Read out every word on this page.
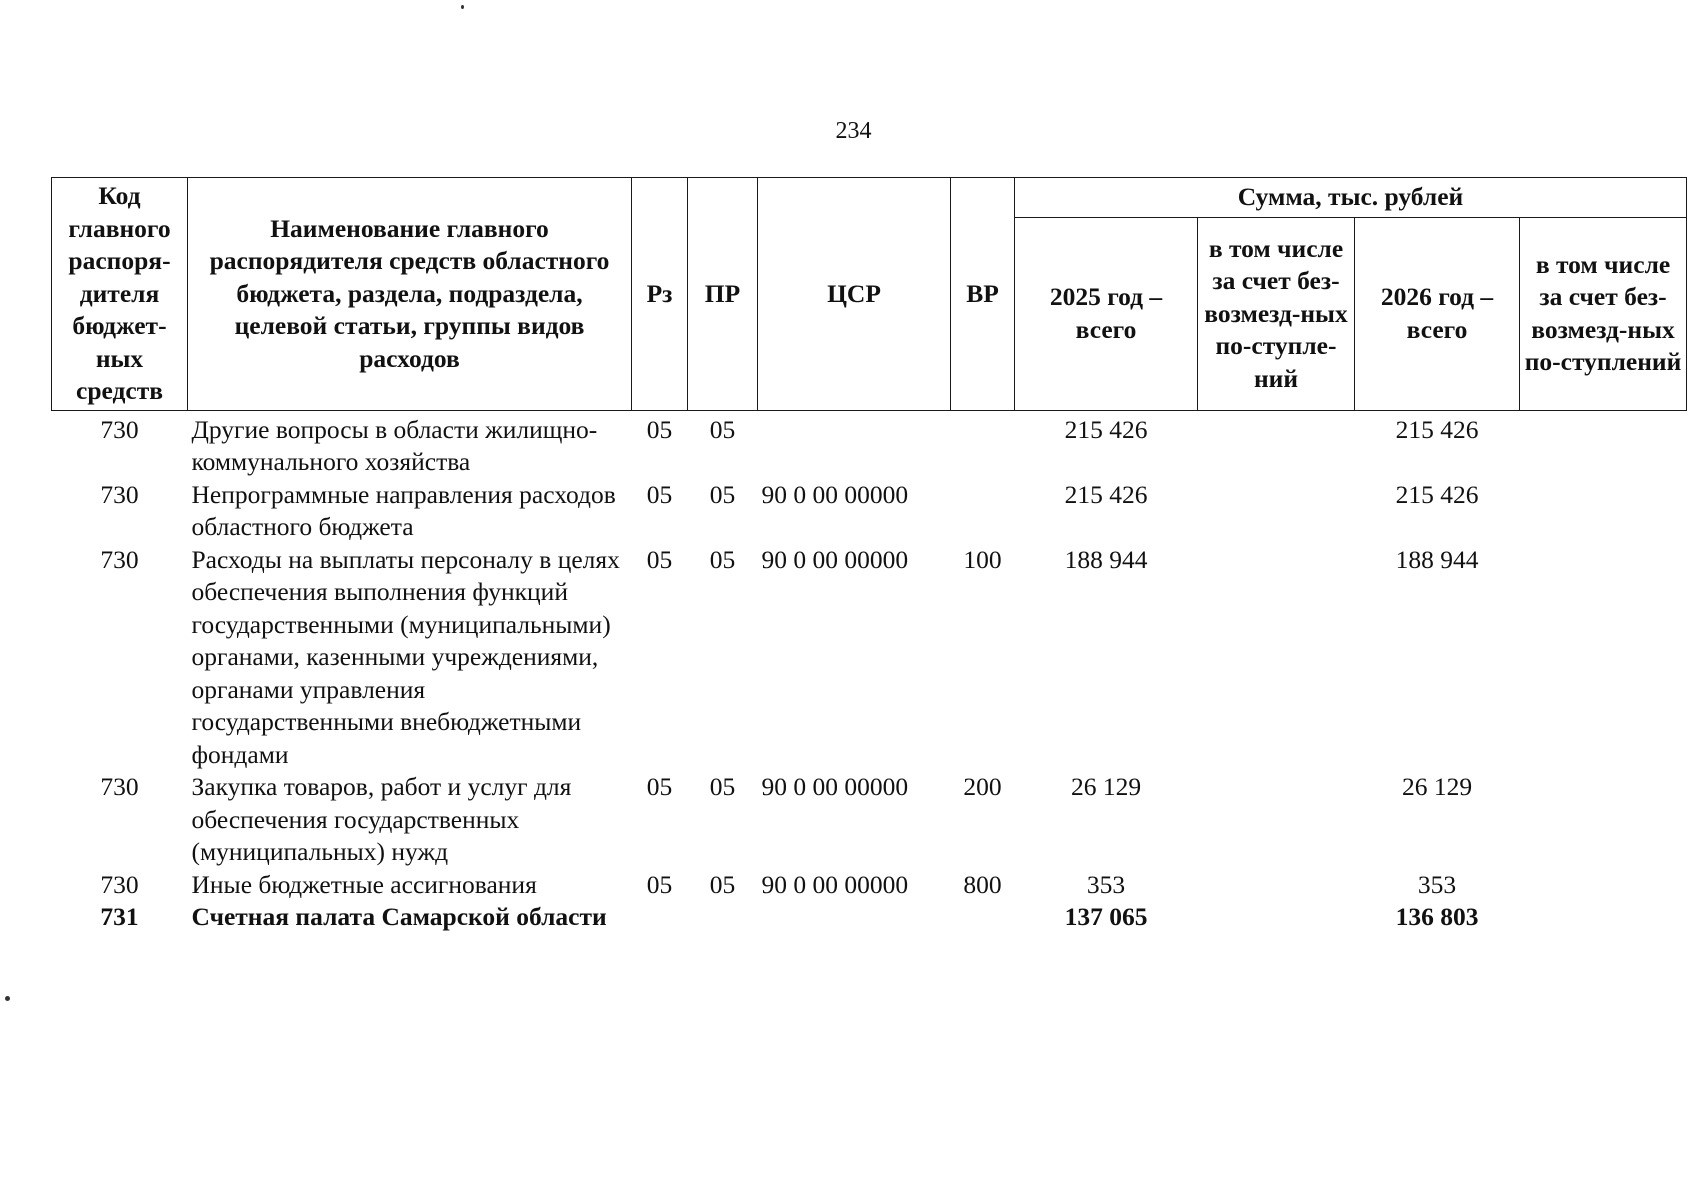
234
Код главного распоря-дителя бюджет-ных средств	Наименование главного распорядителя средств областного бюджета, раздела, подраздела, целевой статьи, группы видов расходов	Рз	ПР	ЦСР	ВР	Сумма, тыс. рублей			
						2025 год – всего	в том числе за счет без-возмезд-ных по-ступле-ний	2026 год – всего	в том числе за счет без-возмезд-ных по-ступлений
730	Другие вопросы в области жилищно-коммунального хозяйства	05	05			215 426		215 426	
730	Непрограммные направления расходов областного бюджета	05	05	90 0 00 00000		215 426		215 426	
730	Расходы на выплаты персоналу в целях обеспечения выполнения функций государственными (муниципальными) органами, казенными учреждениями, органами управления государственными внебюджетными фондами	05	05	90 0 00 00000	100	188 944		188 944	
730	Закупка товаров, работ и услуг для обеспечения государственных (муниципальных) нужд	05	05	90 0 00 00000	200	26 129		26 129	
730	Иные бюджетные ассигнования	05	05	90 0 00 00000	800	353		353	
731	Счетная палата Самарской области					137 065		136 803	
